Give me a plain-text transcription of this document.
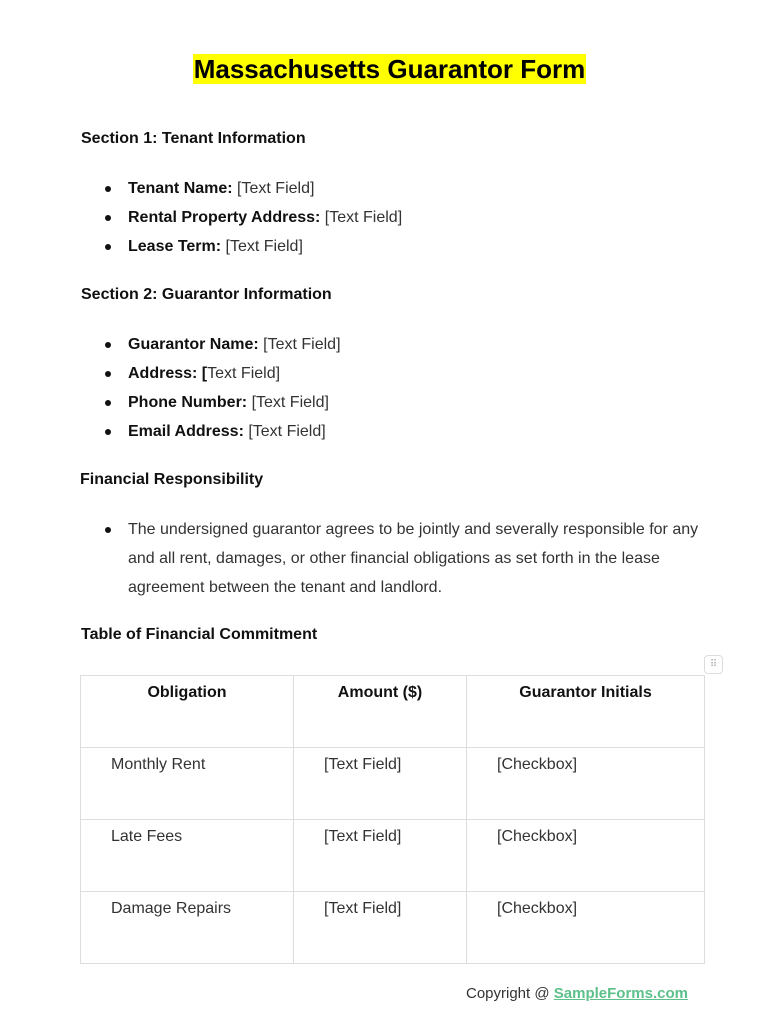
Massachusetts Guarantor Form
Section 1: Tenant Information
Tenant Name: [Text Field]
Rental Property Address: [Text Field]
Lease Term: [Text Field]
Section 2: Guarantor Information
Guarantor Name: [Text Field]
Address: [Text Field]
Phone Number: [Text Field]
Email Address: [Text Field]
Financial Responsibility
The undersigned guarantor agrees to be jointly and severally responsible for any and all rent, damages, or other financial obligations as set forth in the lease agreement between the tenant and landlord.
Table of Financial Commitment
⠿
Obligation	Amount ($)	Guarantor Initials
Monthly Rent	[Text Field]	[Checkbox]
Late Fees	[Text Field]	[Checkbox]
Damage Repairs	[Text Field]	[Checkbox]
Copyright @ SampleForms.com
